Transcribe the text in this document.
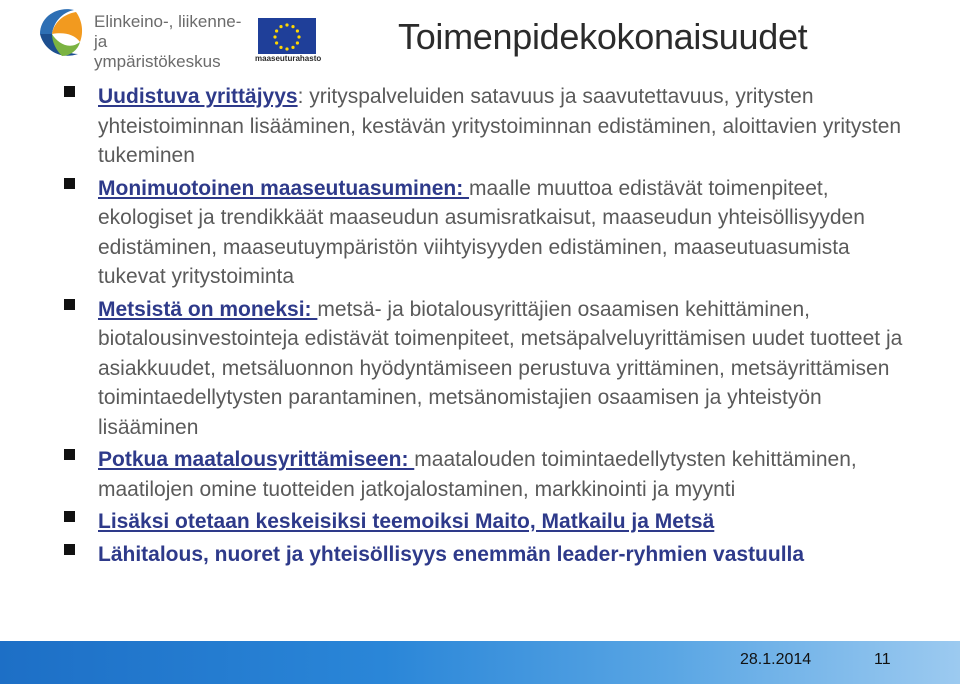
Elinkeino-, liikenne- ja
ympäristökeskus	maaseuturahasto
Toimenpidekokonaisuudet
Uudistuva yrittäjyys: yrityspalveluiden satavuus ja saavutettavuus, yritysten yhteistoiminnan lisääminen, kestävän yritystoiminnan edistäminen, aloittavien yritysten tukeminen
Monimuotoinen maaseutuasuminen: maalle muuttoa edistävät toimenpiteet, ekologiset ja trendikkäät maaseudun asumisratkaisut, maaseudun yhteisöllisyyden edistäminen, maaseutuympäristön viihtyisyyden edistäminen, maaseutuasumista tukevat yritystoiminta
Metsistä on moneksi: metsä- ja biotalousyrittäjien osaamisen kehittäminen, biotalousinvestointeja edistävät toimenpiteet, metsäpalveluyrittämisen uudet tuotteet ja asiakkuudet, metsäluonnon hyödyntämiseen perustuva yrittäminen, metsäyrittämisen toimintaedellytysten parantaminen, metsänomistajien osaamisen ja yhteistyön lisääminen
Potkua maatalousyrittämiseen: maatalouden toimintaedellytysten kehittäminen, maatilojen omine tuotteiden jatkojalostaminen, markkinointi ja myynti
Lisäksi otetaan keskeisiksi teemoiksi Maito, Matkailu ja Metsä
Lähitalous, nuoret ja yhteisöllisyys enemmän leader-ryhmien vastuulla
28.1.2014	11
